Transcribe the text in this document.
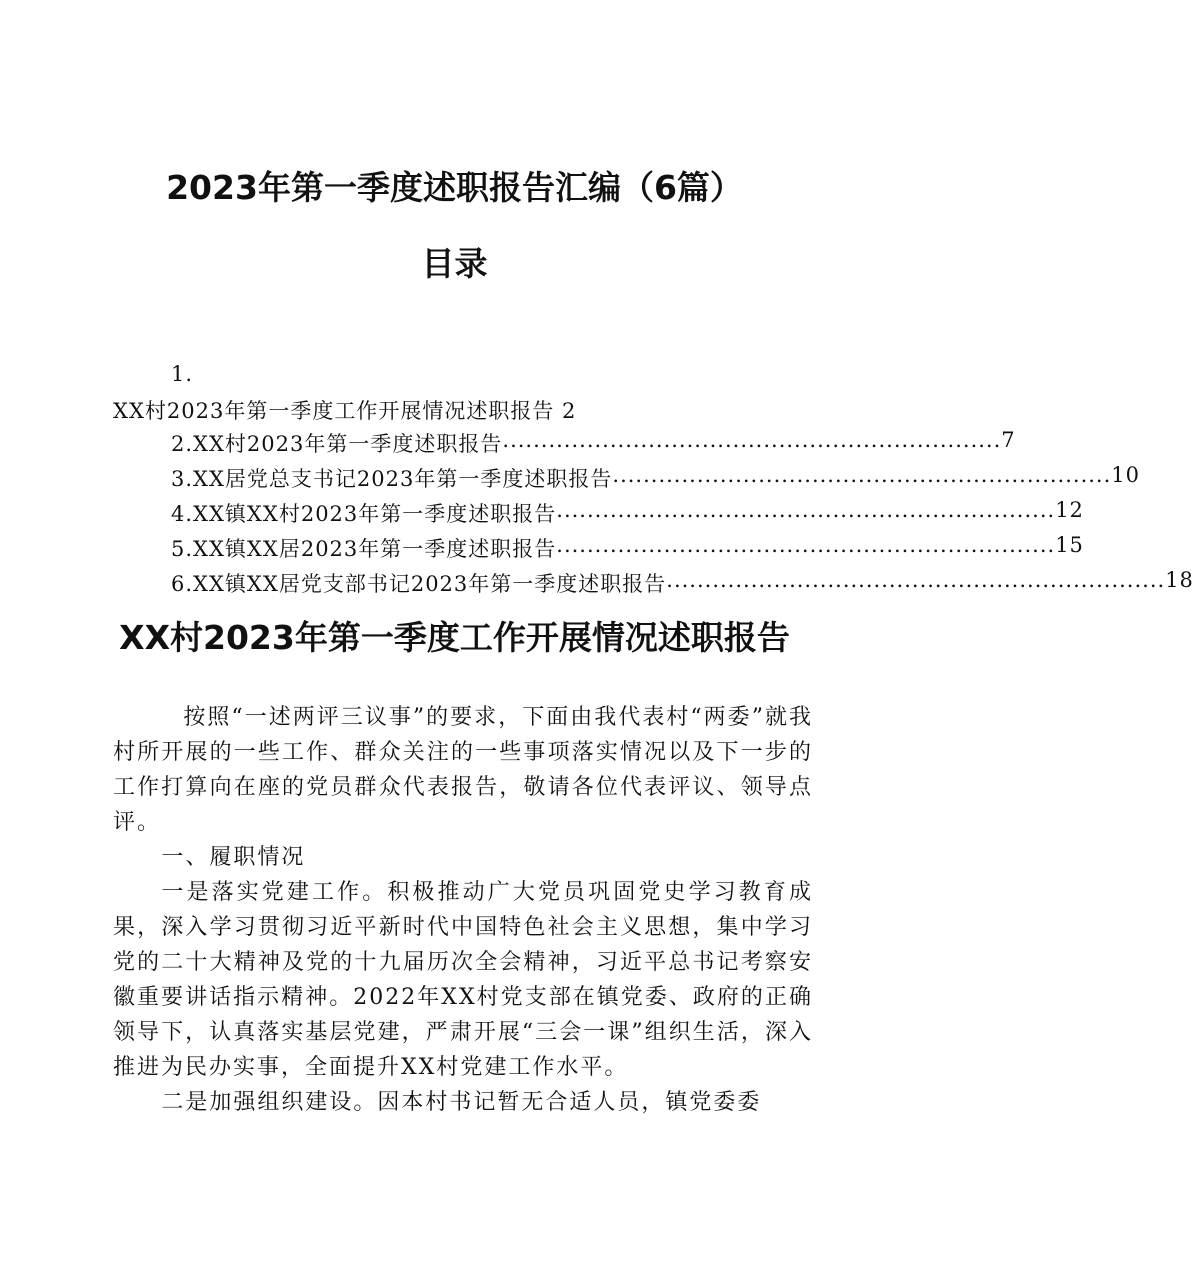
2023年第一季度述职报告汇编（6篇）
目录
1.
XX村2023年第一季度工作开展情况述职报告 2
2.XX村2023年第一季度述职报告 ................................................................. 7
3.XX居党总支书记2023年第一季度述职报告 ................................................................. 10
4.XX镇XX村2023年第一季度述职报告 ................................................................. 12
5.XX镇XX居2023年第一季度述职报告 ................................................................. 15
6.XX镇XX居党支部书记2023年第一季度述职报告 ................................................................. 18
XX村2023年第一季度工作开展情况述职报告

按照“一述两评三议事”的要求，下面由我代表村“两委”就我村所开展的一些工作、群众关注的一些事项落实情况以及下一步的工作打算向在座的党员群众代表报告，敬请各位代表评议、领导点评。

一、履职情况

一是落实党建工作。积极推动广大党员巩固党史学习教育成果，深入学习贯彻习近平新时代中国特色社会主义思想，集中学习党的二十大精神及党的十九届历次全会精神，习近平总书记考察安徽重要讲话指示精神。2022年XX村党支部在镇党委、政府的正确领导下，认真落实基层党建，严肃开展“三会一课”组织生活，深入推进为民办实事，全面提升XX村党建工作水平。

二是加强组织建设。因本村书记暂无合适人员，镇党委委
